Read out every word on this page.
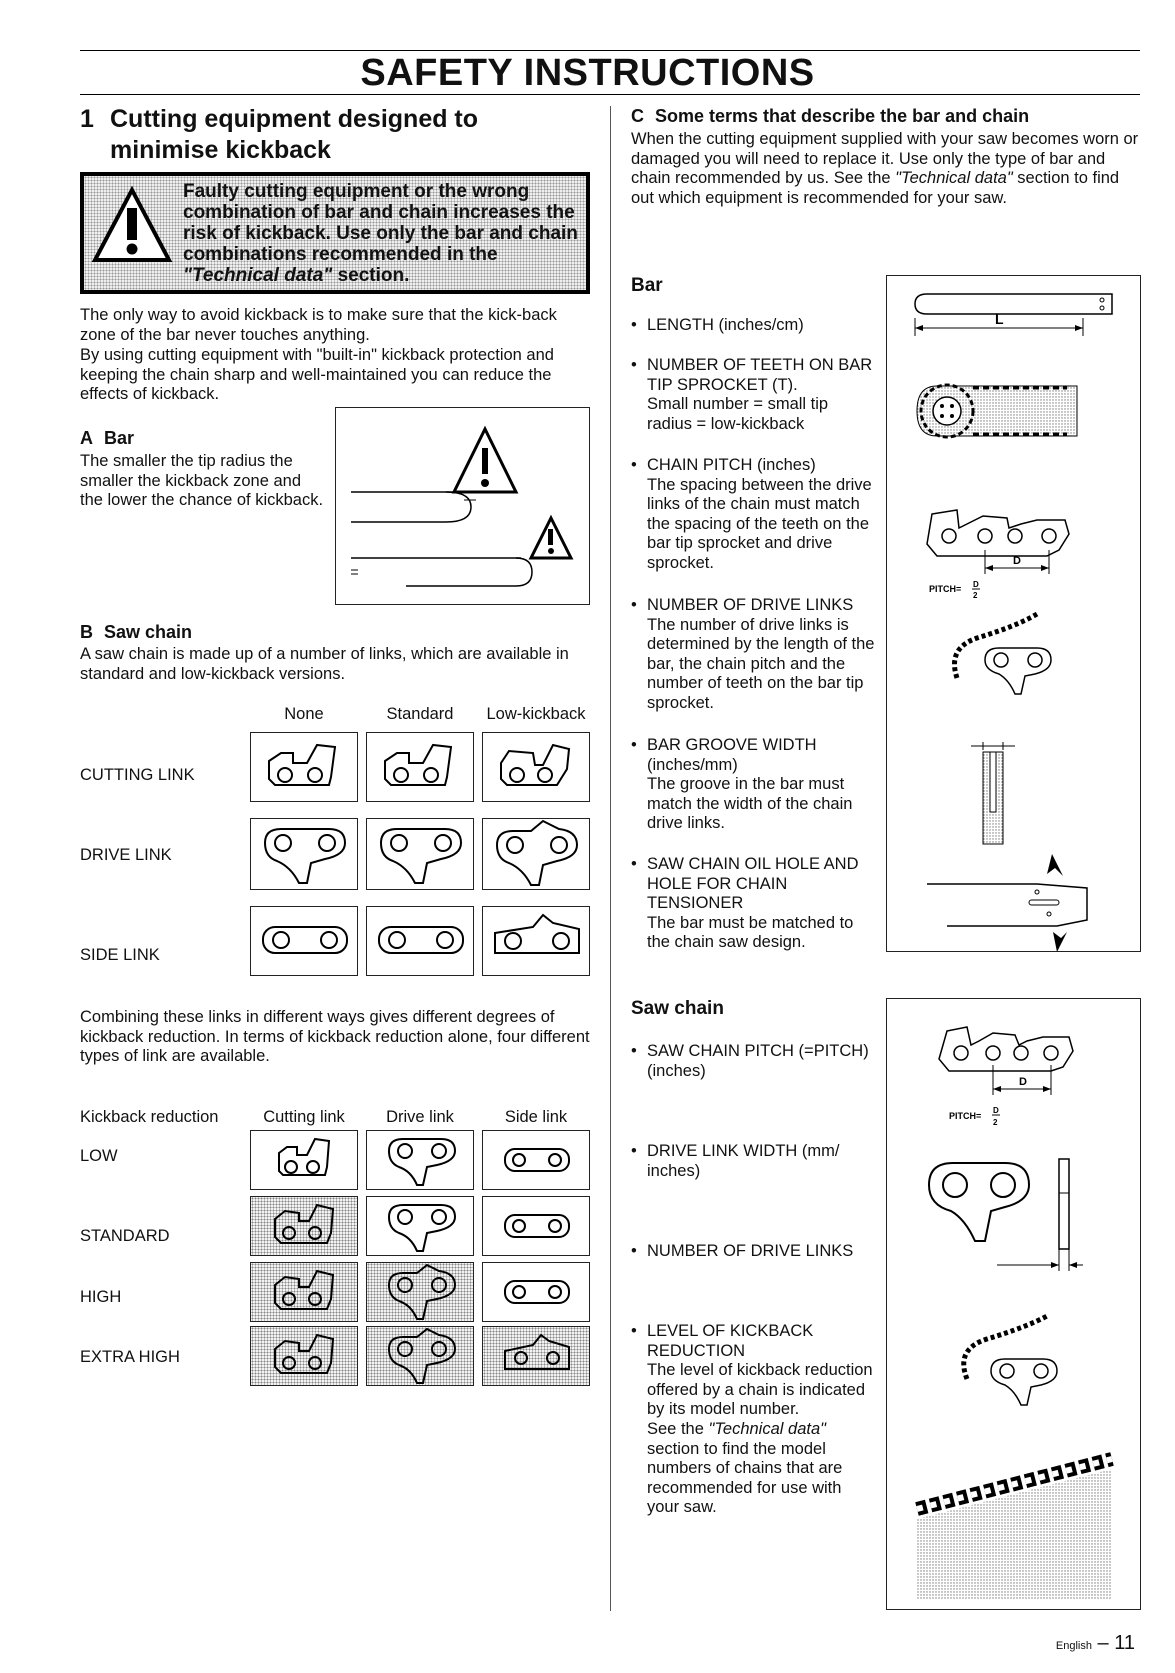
SAFETY INSTRUCTIONS
1 Cutting equipment designed to minimise kickback
Faulty cutting equipment or the wrong combination of bar and chain increases the risk of kickback. Use only the bar and chain combinations recommended in the "Technical data" section.
The only way to avoid kickback is to make sure that the kick-back zone of the bar never touches anything.
By using cutting equipment with "built-in" kickback protection and keeping the chain sharp and well-maintained you can reduce the effects of kickback.
A Bar
The smaller the tip radius the smaller the kickback zone and the lower the chance of kickback.
B Saw chain
A saw chain is made up of a number of links, which are available in standard and low-kickback versions.
None	Standard	Low-kickback
CUTTING LINK
DRIVE LINK
SIDE LINK
Combining these links in different ways gives different degrees of kickback reduction. In terms of kickback reduction alone, four different types of link are available.
Kickback reduction	Cutting link	Drive link	Side link
LOW
STANDARD
HIGH
EXTRA HIGH
C Some terms that describe the bar and chain
When the cutting equipment supplied with your saw becomes worn or damaged you will need to replace it. Use only the type of bar and chain recommended by us. See the "Technical data" section to find out which equipment is recommended for your saw.
Bar
• LENGTH (inches/cm)
• NUMBER OF TEETH ON BAR TIP SPROCKET (T).
Small number = small tip radius = low-kickback
• CHAIN PITCH (inches)
The spacing between the drive links of the chain must match the spacing of the teeth on the bar tip sprocket and drive sprocket.
• NUMBER OF DRIVE LINKS
The number of drive links is determined by the length of the bar, the chain pitch and the number of teeth on the bar tip sprocket.
• BAR GROOVE WIDTH
(inches/mm)
The groove in the bar must match the width of the chain drive links.
• SAW CHAIN OIL HOLE AND HOLE FOR CHAIN TENSIONER
The bar must be matched to the chain saw design.
L
D
PITCH= D
2
Saw chain
• SAW CHAIN PITCH (=PITCH)
(inches)
• DRIVE LINK WIDTH (mm/ inches)
• NUMBER OF DRIVE LINKS
• LEVEL OF KICKBACK REDUCTION
The level of kickback reduction offered by a chain is indicated by its model number.
See the "Technical data" section to find the model numbers of chains that are recommended for use with your saw.
D
PITCH=
D
2
English – 11
